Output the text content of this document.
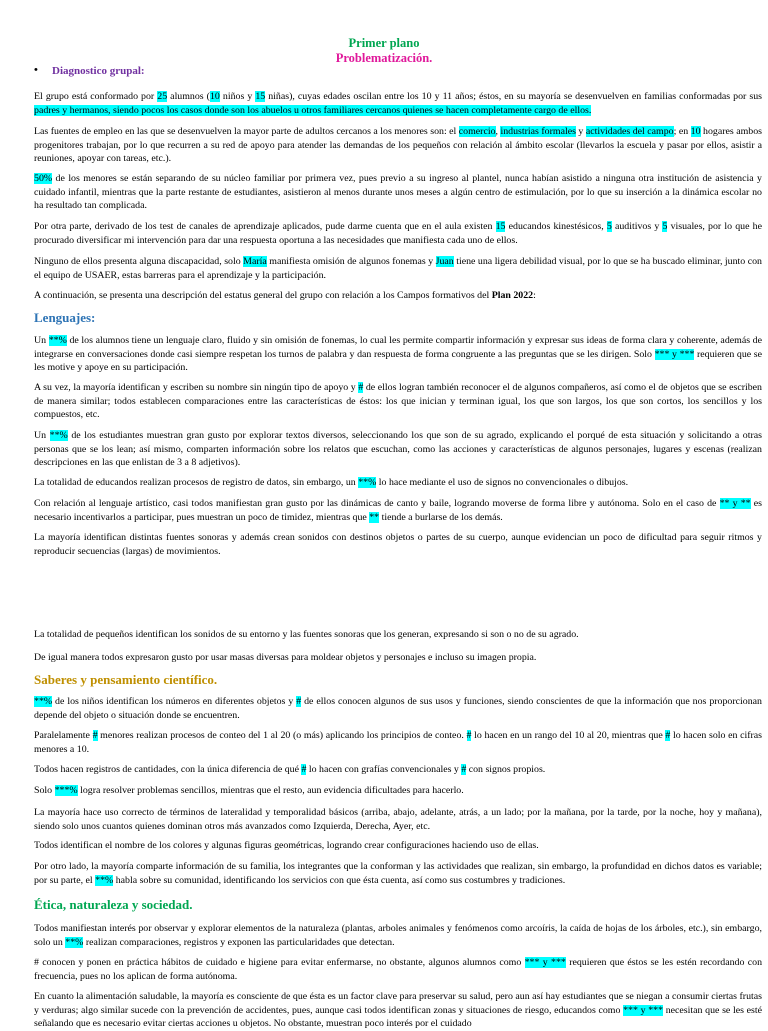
Primer plano
Problematización.
• Diagnostico grupal:
El grupo está conformado por 25 alumnos (10 niños y 15 niñas), cuyas edades oscilan entre los 10 y 11 años; éstos, en su mayoría se desenvuelven en familias conformadas por sus padres y hermanos, siendo pocos los casos donde son los abuelos u otros familiares cercanos quienes se hacen completamente cargo de ellos.
Las fuentes de empleo en las que se desenvuelven la mayor parte de adultos cercanos a los menores son: el comercio, industrias formales y actividades del campo; en 10 hogares ambos progenitores trabajan, por lo que recurren a su red de apoyo para atender las demandas de los pequeños con relación al ámbito escolar (llevarlos la escuela y pasar por ellos, asistir a reuniones, apoyar con tareas, etc.).
50% de los menores se están separando de su núcleo familiar por primera vez, pues previo a su ingreso al plantel, nunca habían asistido a ninguna otra institución de asistencia y cuidado infantil, mientras que la parte restante de estudiantes, asistieron al menos durante unos meses a algún centro de estimulación, por lo que su inserción a la dinámica escolar no ha resultado tan complicada.
Por otra parte, derivado de los test de canales de aprendizaje aplicados, pude darme cuenta que en el aula existen 15 educandos kinestésicos, 5 auditivos y 5 visuales, por lo que he procurado diversificar mi intervención para dar una respuesta oportuna a las necesidades que manifiesta cada uno de ellos.
Ninguno de ellos presenta alguna discapacidad, solo María manifiesta omisión de algunos fonemas y Juan tiene una ligera debilidad visual, por lo que se ha buscado eliminar, junto con el equipo de USAER, estas barreras para el aprendizaje y la participación.
A continuación, se presenta una descripción del estatus general del grupo con relación a los Campos formativos del Plan 2022:
Lenguajes:
Un **% de los alumnos tiene un lenguaje claro, fluido y sin omisión de fonemas, lo cual les permite compartir información y expresar sus ideas de forma clara y coherente, además de integrarse en conversaciones donde casi siempre respetan los turnos de palabra y dan respuesta de forma congruente a las preguntas que se les dirigen. Solo *** y *** requieren que se les motive y apoye en su participación.
A su vez, la mayoría identifican y escriben su nombre sin ningún tipo de apoyo y # de ellos logran también reconocer el de algunos compañeros, así como el de objetos que se escriben de manera similar; todos establecen comparaciones entre las características de éstos: los que inician y terminan igual, los que son largos, los que son cortos, los sencillos y los compuestos, etc.
Un **% de los estudiantes muestran gran gusto por explorar textos diversos, seleccionando los que son de su agrado, explicando el porqué de esta situación y solicitando a otras personas que se los lean; así mismo, comparten información sobre los relatos que escuchan, como las acciones y características de algunos personajes, lugares y escenas (realizan descripciones en las que enlistan de 3 a 8 adjetivos).
La totalidad de educandos realizan procesos de registro de datos, sin embargo, un **% lo hace mediante el uso de signos no convencionales o dibujos.
Con relación al lenguaje artístico, casi todos manifiestan gran gusto por las dinámicas de canto y baile, logrando moverse de forma libre y autónoma. Solo en el caso de ** y ** es necesario incentivarlos a participar, pues muestran un poco de timidez, mientras que ** tiende a burlarse de los demás.
La mayoría identifican distintas fuentes sonoras y además crean sonidos con destinos objetos o partes de su cuerpo, aunque evidencian un poco de dificultad para seguir ritmos y reproducir secuencias (largas) de movimientos.
La totalidad de pequeños identifican los sonidos de su entorno y las fuentes sonoras que los generan, expresando si son o no de su agrado.
De igual manera todos expresaron gusto por usar masas diversas para moldear objetos y personajes e incluso su imagen propia.
Saberes y pensamiento científico.
**% de los niños identifican los números en diferentes objetos y # de ellos conocen algunos de sus usos y funciones, siendo conscientes de que la información que nos proporcionan depende del objeto o situación donde se encuentren.
Paralelamente # menores realizan procesos de conteo del 1 al 20 (o más) aplicando los principios de conteo. # lo hacen en un rango del 10 al 20, mientras que # lo hacen solo en cifras menores a 10.
Todos hacen registros de cantidades, con la única diferencia de qué # lo hacen con grafías convencionales y # con signos propios.
Solo ***% logra resolver problemas sencillos, mientras que el resto, aun evidencia dificultades para hacerlo.
La mayoría hace uso correcto de términos de lateralidad y temporalidad básicos (arriba, abajo, adelante, atrás, a un lado; por la mañana, por la tarde, por la noche, hoy y mañana), siendo solo unos cuantos quienes dominan otros más avanzados como Izquierda, Derecha, Ayer, etc.
Todos identifican el nombre de los colores y algunas figuras geométricas, logrando crear configuraciones haciendo uso de ellas.
Por otro lado, la mayoría comparte información de su familia, los integrantes que la conforman y las actividades que realizan, sin embargo, la profundidad en dichos datos es variable; por su parte, el **% habla sobre su comunidad, identificando los servicios con que ésta cuenta, así como sus costumbres y tradiciones.
Ética, naturaleza y sociedad.
Todos manifiestan interés por observar y explorar elementos de la naturaleza (plantas, arboles animales y fenómenos como arcoíris, la caída de hojas de los árboles, etc.), sin embargo, solo un **% realizan comparaciones, registros y exponen las particularidades que detectan.
# conocen y ponen en práctica hábitos de cuidado e higiene para evitar enfermarse, no obstante, algunos alumnos como *** y *** requieren que éstos se les estén recordando con frecuencia, pues no los aplican de forma autónoma.
En cuanto la alimentación saludable, la mayoría es consciente de que ésta es un factor clave para preservar su salud, pero aun así hay estudiantes que se niegan a consumir ciertas frutas y verduras; algo similar sucede con la prevención de accidentes, pues, aunque casi todos identifican zonas y situaciones de riesgo, educandos como *** y *** necesitan que se les esté señalando que es necesario evitar ciertas acciones u objetos. No obstante, muestran poco interés por el cuidado
